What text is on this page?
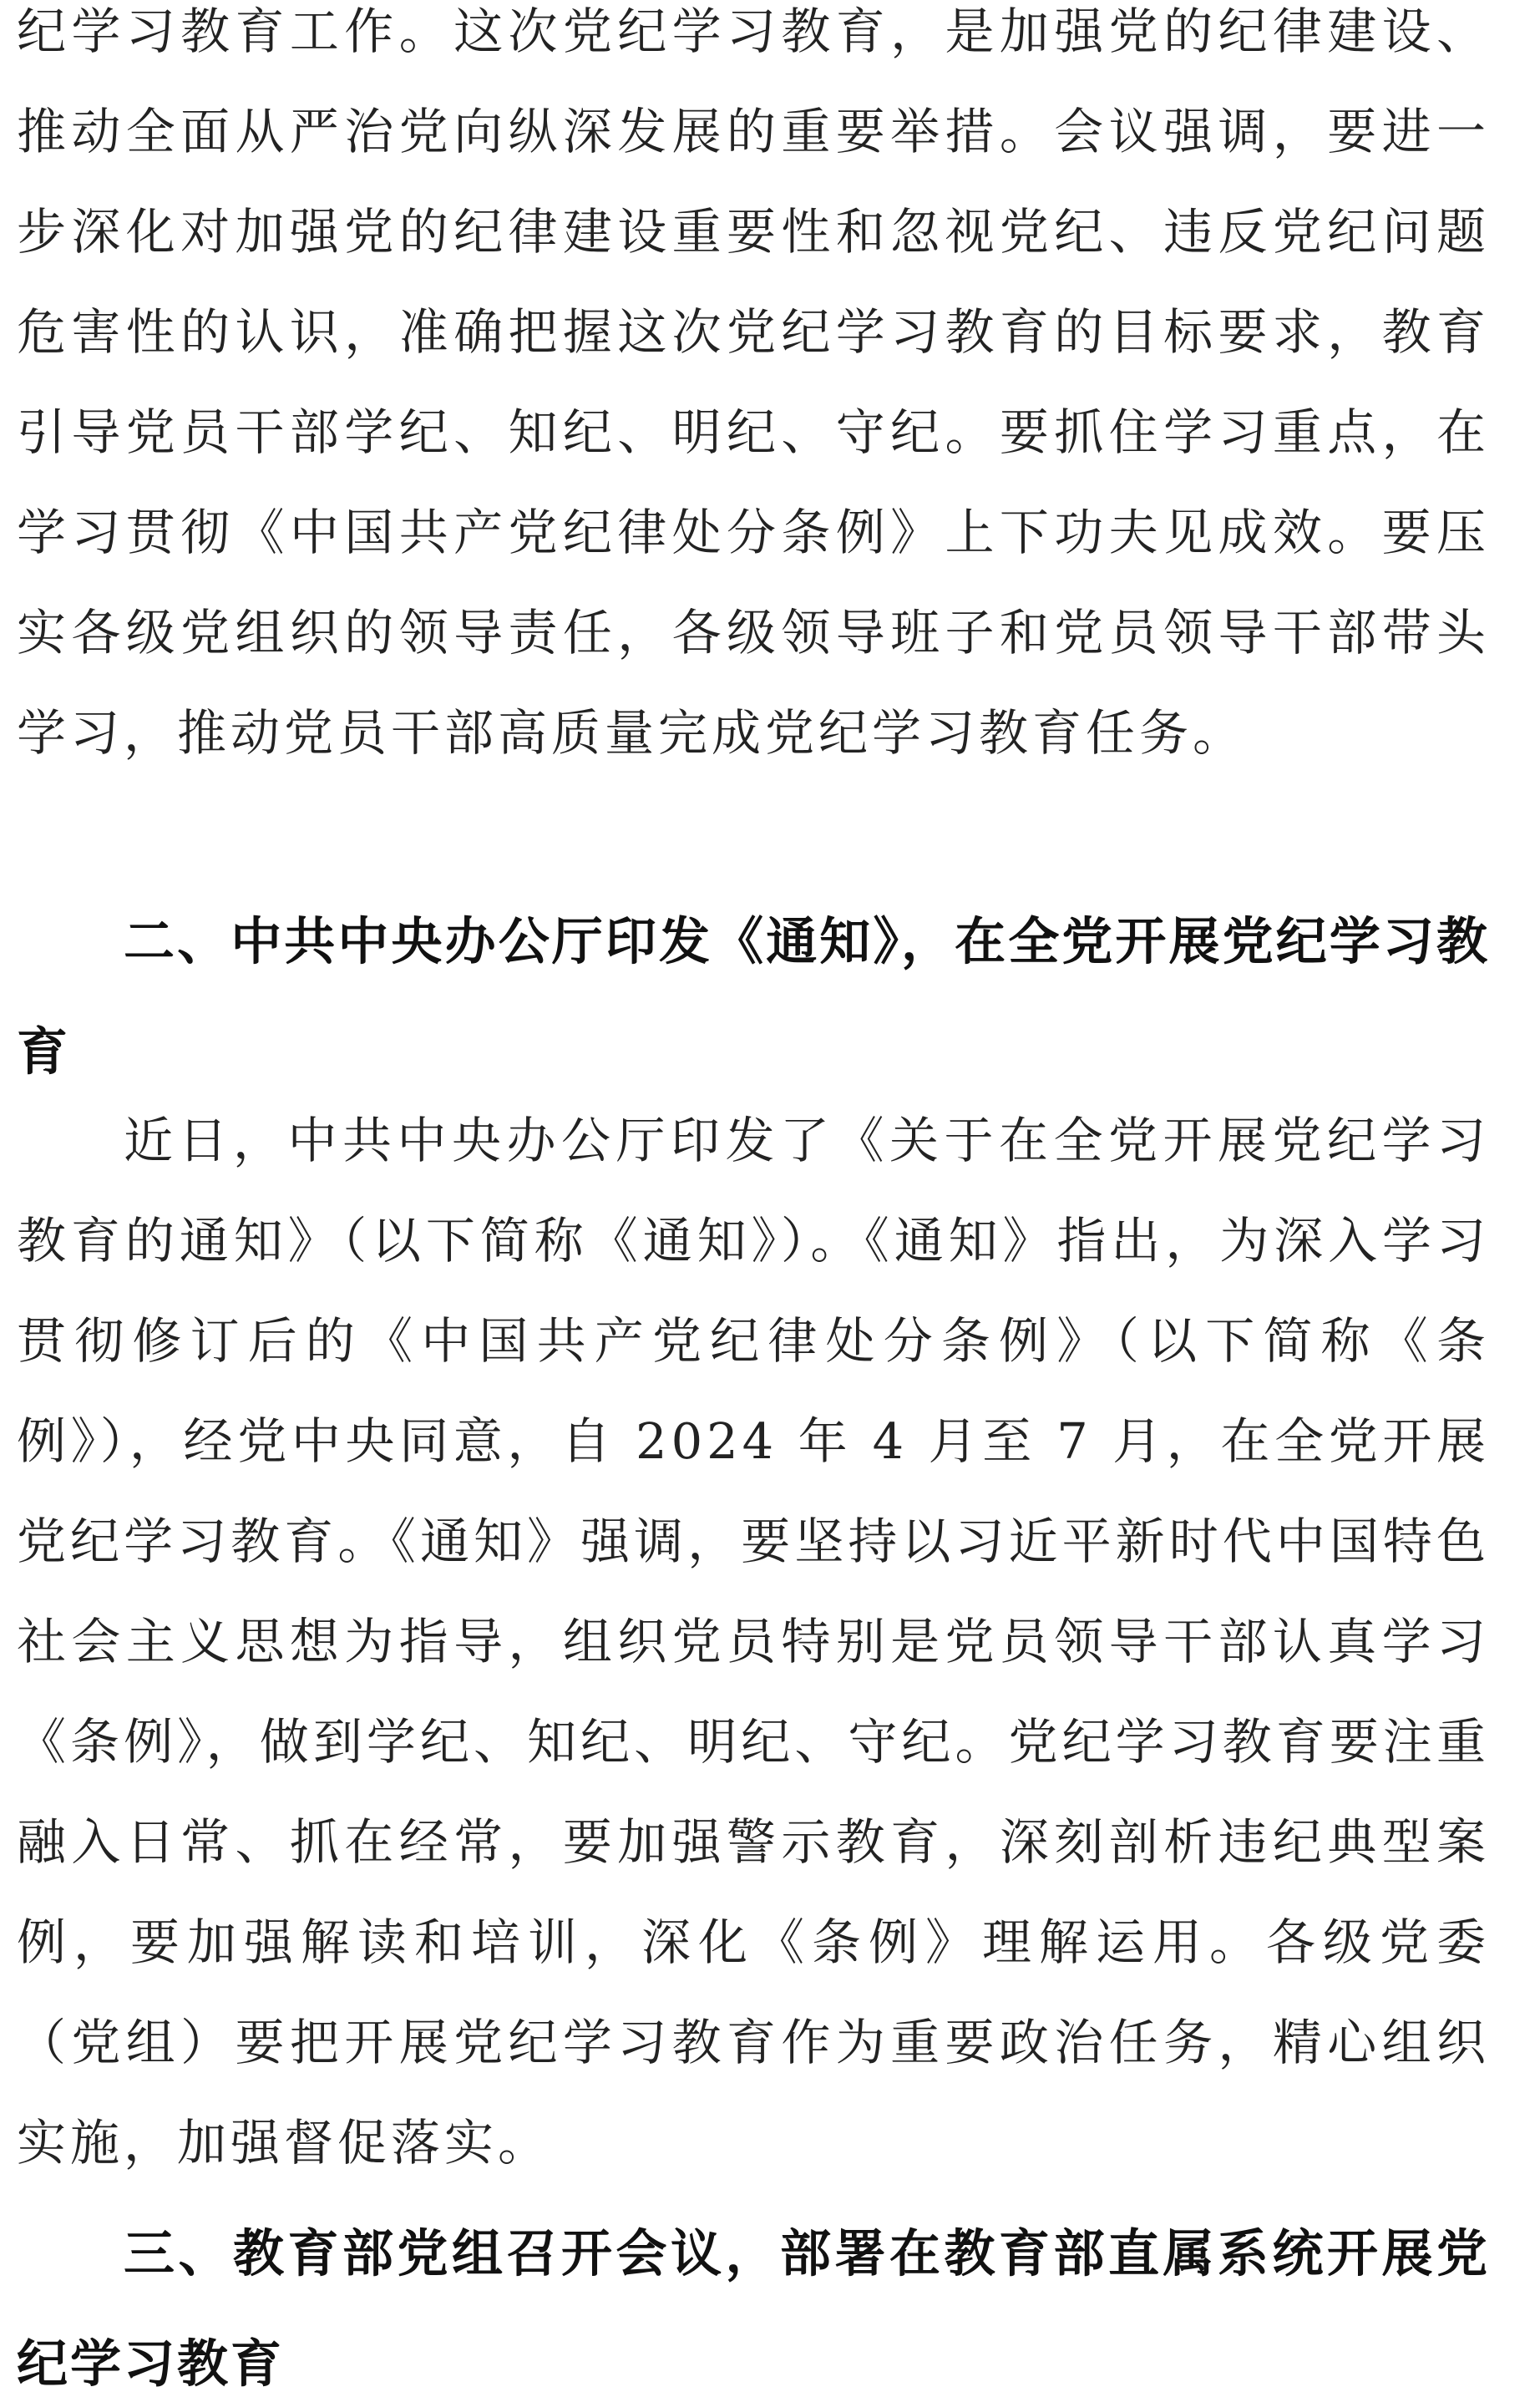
纪学习教育工作。这次党纪学习教育，是加强党的纪律建设、推动全面从严治党向纵深发展的重要举措。会议强调，要进一步深化对加强党的纪律建设重要性和忽视党纪、违反党纪问题危害性的认识，准确把握这次党纪学习教育的目标要求，教育引导党员干部学纪、知纪、明纪、守纪。要抓住学习重点，在学习贯彻《中国共产党纪律处分条例》上下功夫见成效。要压实各级党组织的领导责任，各级领导班子和党员领导干部带头学习，推动党员干部高质量完成党纪学习教育任务。

二、中共中央办公厅印发《通知》，在全党开展党纪学习教育

近日，中共中央办公厅印发了《关于在全党开展党纪学习教育的通知》（以下简称《通知》）。《通知》指出，为深入学习贯彻修订后的《中国共产党纪律处分条例》（以下简称《条例》），经党中央同意，自 2024 年 4 月至 7 月，在全党开展党纪学习教育。《通知》强调，要坚持以习近平新时代中国特色社会主义思想为指导，组织党员特别是党员领导干部认真学习《条例》，做到学纪、知纪、明纪、守纪。党纪学习教育要注重融入日常、抓在经常，要加强警示教育，深刻剖析违纪典型案例，要加强解读和培训，深化《条例》理解运用。各级党委（党组）要把开展党纪学习教育作为重要政治任务，精心组织实施，加强督促落实。

三、教育部党组召开会议，部署在教育部直属系统开展党纪学习教育
